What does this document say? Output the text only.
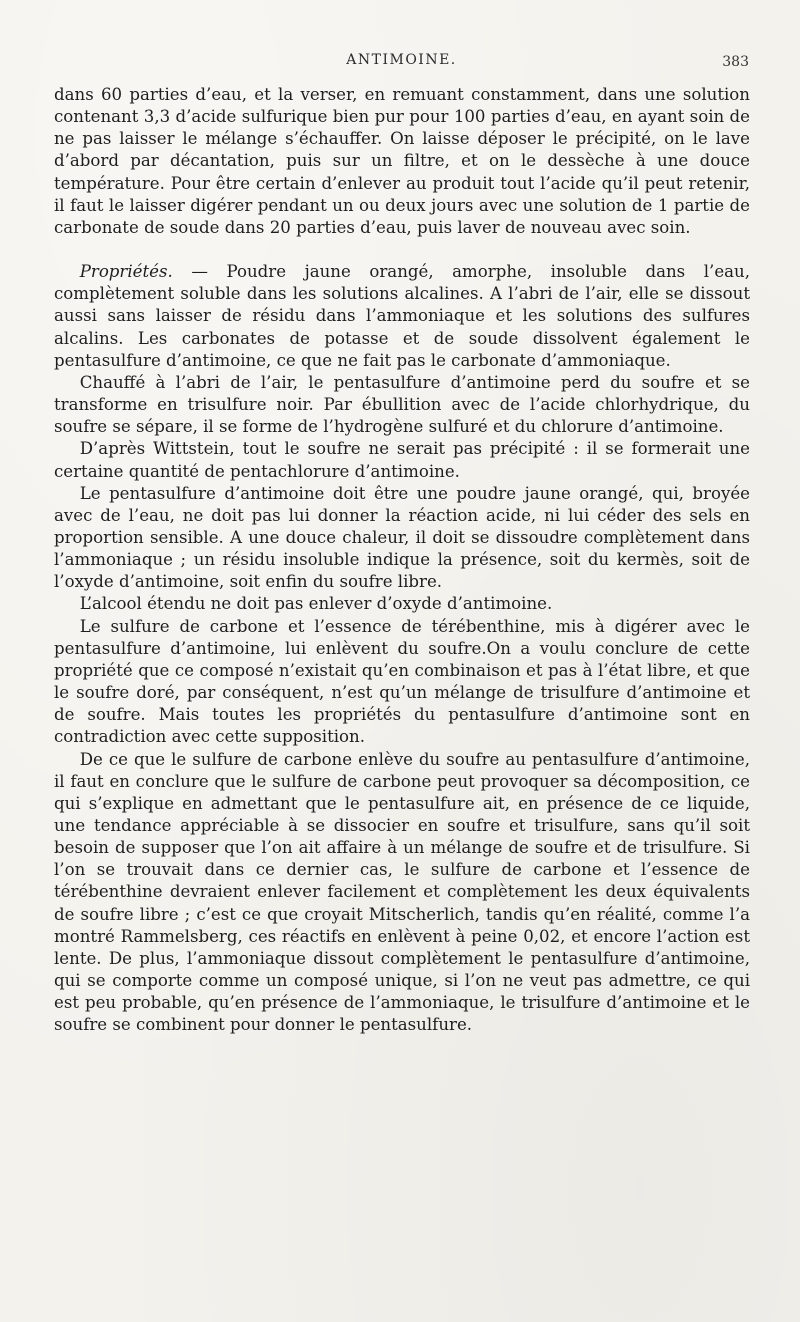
ANTIMOINE.	383

dans 60 parties d’eau, et la verser, en remuant constamment, dans une solution contenant 3,3 d’acide sulfurique bien pur pour 100 parties d’eau, en ayant soin de ne pas laisser le mélange s’échauffer. On laisse déposer le précipité, on le lave d’abord par décantation, puis sur un filtre, et on le dessèche à une douce température. Pour être certain d’enlever au produit tout l’acide qu’il peut retenir, il faut le laisser digérer pendant un ou deux jours avec une solution de 1 partie de carbonate de soude dans 20 parties d’eau, puis laver de nouveau avec soin.

Propriétés. — Poudre jaune orangé, amorphe, insoluble dans l’eau, complètement soluble dans les solutions alcalines. A l’abri de l’air, elle se dissout aussi sans laisser de résidu dans l’ammoniaque et les solutions des sulfures alcalins. Les carbonates de potasse et de soude dissolvent également le pentasulfure d’antimoine, ce que ne fait pas le carbonate d’ammoniaque.

Chauffé à l’abri de l’air, le pentasulfure d’antimoine perd du soufre et se transforme en trisulfure noir. Par ébullition avec de l’acide chlorhydrique, du soufre se sépare, il se forme de l’hydrogène sulfuré et du chlorure d’antimoine.

D’après Wittstein, tout le soufre ne serait pas précipité : il se formerait une certaine quantité de pentachlorure d’antimoine.

Le pentasulfure d’antimoine doit être une poudre jaune orangé, qui, broyée avec de l’eau, ne doit pas lui donner la réaction acide, ni lui céder des sels en proportion sensible. A une douce chaleur, il doit se dissoudre complètement dans l’ammoniaque ; un résidu insoluble indique la présence, soit du kermès, soit de l’oxyde d’antimoine, soit enfin du soufre libre.

L’alcool étendu ne doit pas enlever d’oxyde d’antimoine.

Le sulfure de carbone et l’essence de térébenthine, mis à digérer avec le pentasulfure d’antimoine, lui enlèvent du soufre.On a voulu conclure de cette propriété que ce composé n’existait qu’en combinaison et pas à l’état libre, et que le soufre doré, par conséquent, n’est qu’un mélange de trisulfure d’antimoine et de soufre. Mais toutes les propriétés du pentasulfure d’antimoine sont en contradiction avec cette supposition.

De ce que le sulfure de carbone enlève du soufre au pentasulfure d’antimoine, il faut en conclure que le sulfure de carbone peut provoquer sa décomposition, ce qui s’explique en admettant que le pentasulfure ait, en présence de ce liquide, une tendance appréciable à se dissocier en soufre et trisulfure, sans qu’il soit besoin de supposer que l’on ait affaire à un mélange de soufre et de trisulfure. Si l’on se trouvait dans ce dernier cas, le sulfure de carbone et l’essence de térébenthine devraient enlever facilement et complètement les deux équivalents de soufre libre ; c’est ce que croyait Mitscherlich, tandis qu’en réalité, comme l’a montré Rammelsberg, ces réactifs en enlèvent à peine 0,02, et encore l’action est lente. De plus, l’ammoniaque dissout complètement le pentasulfure d’antimoine, qui se comporte comme un composé unique, si l’on ne veut pas admettre, ce qui est peu probable, qu’en présence de l’ammoniaque, le trisulfure d’antimoine et le soufre se combinent pour donner le pentasulfure.
